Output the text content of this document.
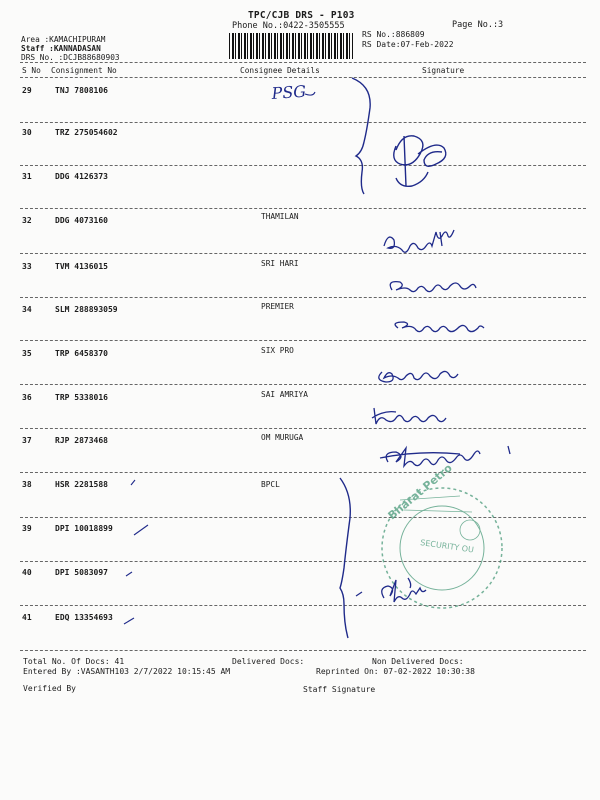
TPC/CJB DRS - P103
Phone No.:0422-3505555	Page No.:3
RS No.:886809
RS Date:07-Feb-2022
Area :KAMACHIPURAM
Staff :KANNADASAN
DRS No. :DCJB88680903
S No Consignment No	Consignee Details	Signature
29	TNJ 7808106
30	TRZ 275054602
31	DDG 4126373
32	DDG 4073160	THAMILAN
33	TVM 4136015	SRI HARI
34	SLM 288893059	PREMIER
35	TRP 6458370	SIX PRO
36	TRP 5338016	SAI AMRIYA
37	RJP 2873468	OM MURUGA
38	HSR 2281588	BPCL
39	DPI 10018899
40	DPI 5083097
41	EDQ 13354693
PSG
Bharat Petro
SECURITY OU
Total No. Of Docs: 41	Delivered Docs:	Non Delivered Docs:
Entered By :VASANTH103 2/7/2022 10:15:45 AM	Reprinted On: 07-02-2022 10:30:38
Verified By	Staff Signature
